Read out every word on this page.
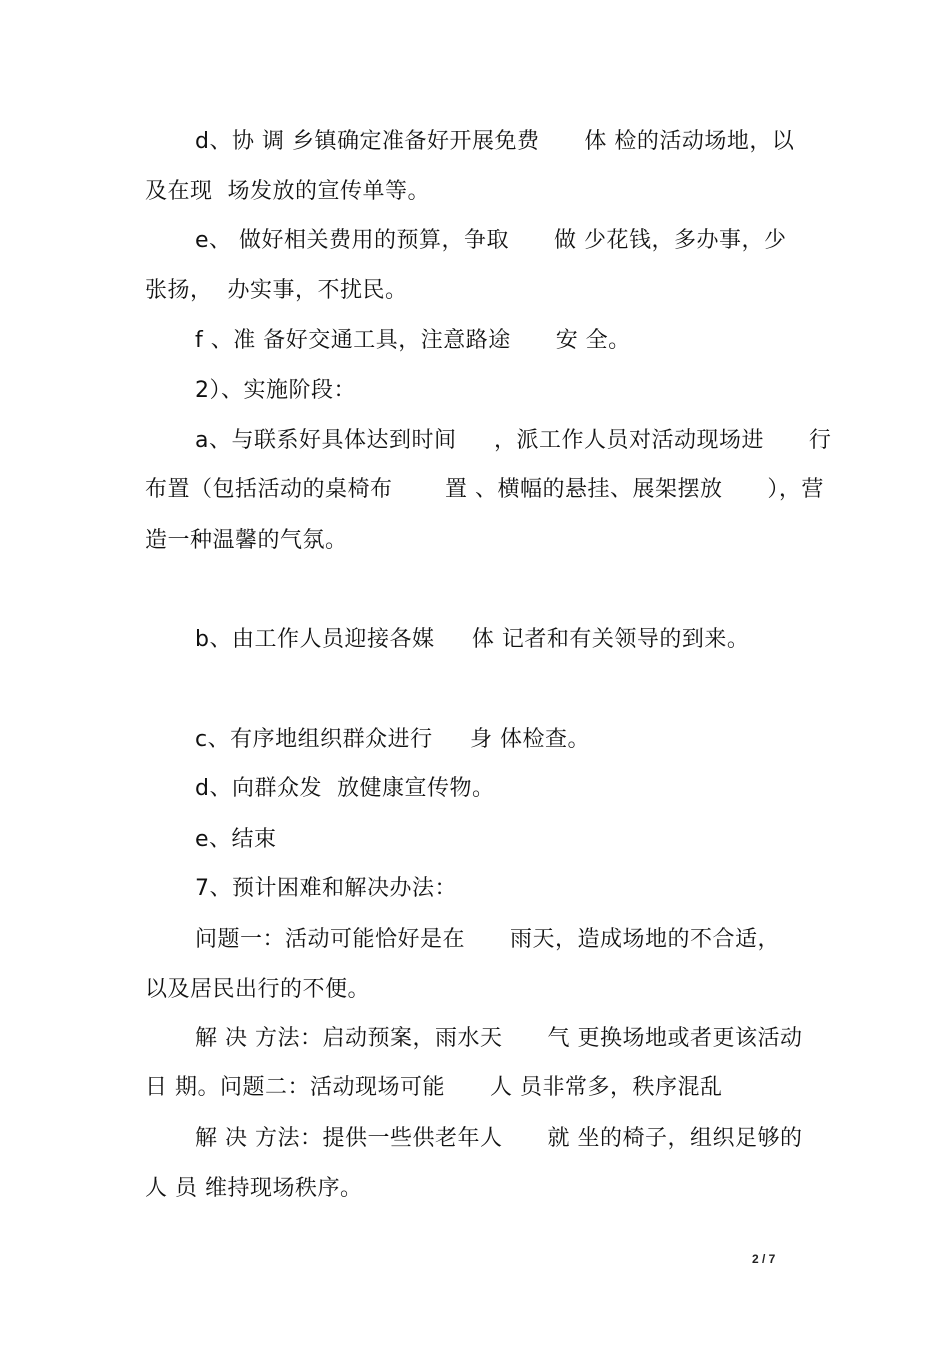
d、协 调 乡镇确定准备好开展免费      体 检的活动场地，以
及在现  场发放的宣传单等。
e、 做好相关费用的预算，争取      做 少花钱，多办事，少
张扬，  办实事，不扰民。
f 、准 备好交通工具，注意路途      安 全。
2）、实施阶段：
a、与联系好具体达到时间     ，派工作人员对活动现场进      行
布置（包括活动的桌椅布       置 、横幅的悬挂、展架摆放      ），营
造一种温馨的气氛。
b、由工作人员迎接各媒     体 记者和有关领导的到来。
c、有序地组织群众进行     身 体检查。
d、向群众发  放健康宣传物。
e、结束
7、预计困难和解决办法：
问题一：活动可能恰好是在      雨天，造成场地的不合适，
以及居民出行的不便。
解 决 方法：启动预案，雨水天      气 更换场地或者更该活动
日 期。问题二：活动现场可能      人 员非常多，秩序混乱
解 决 方法：提供一些供老年人      就 坐的椅子，组织足够的
人 员 维持现场秩序。
2 / 7
